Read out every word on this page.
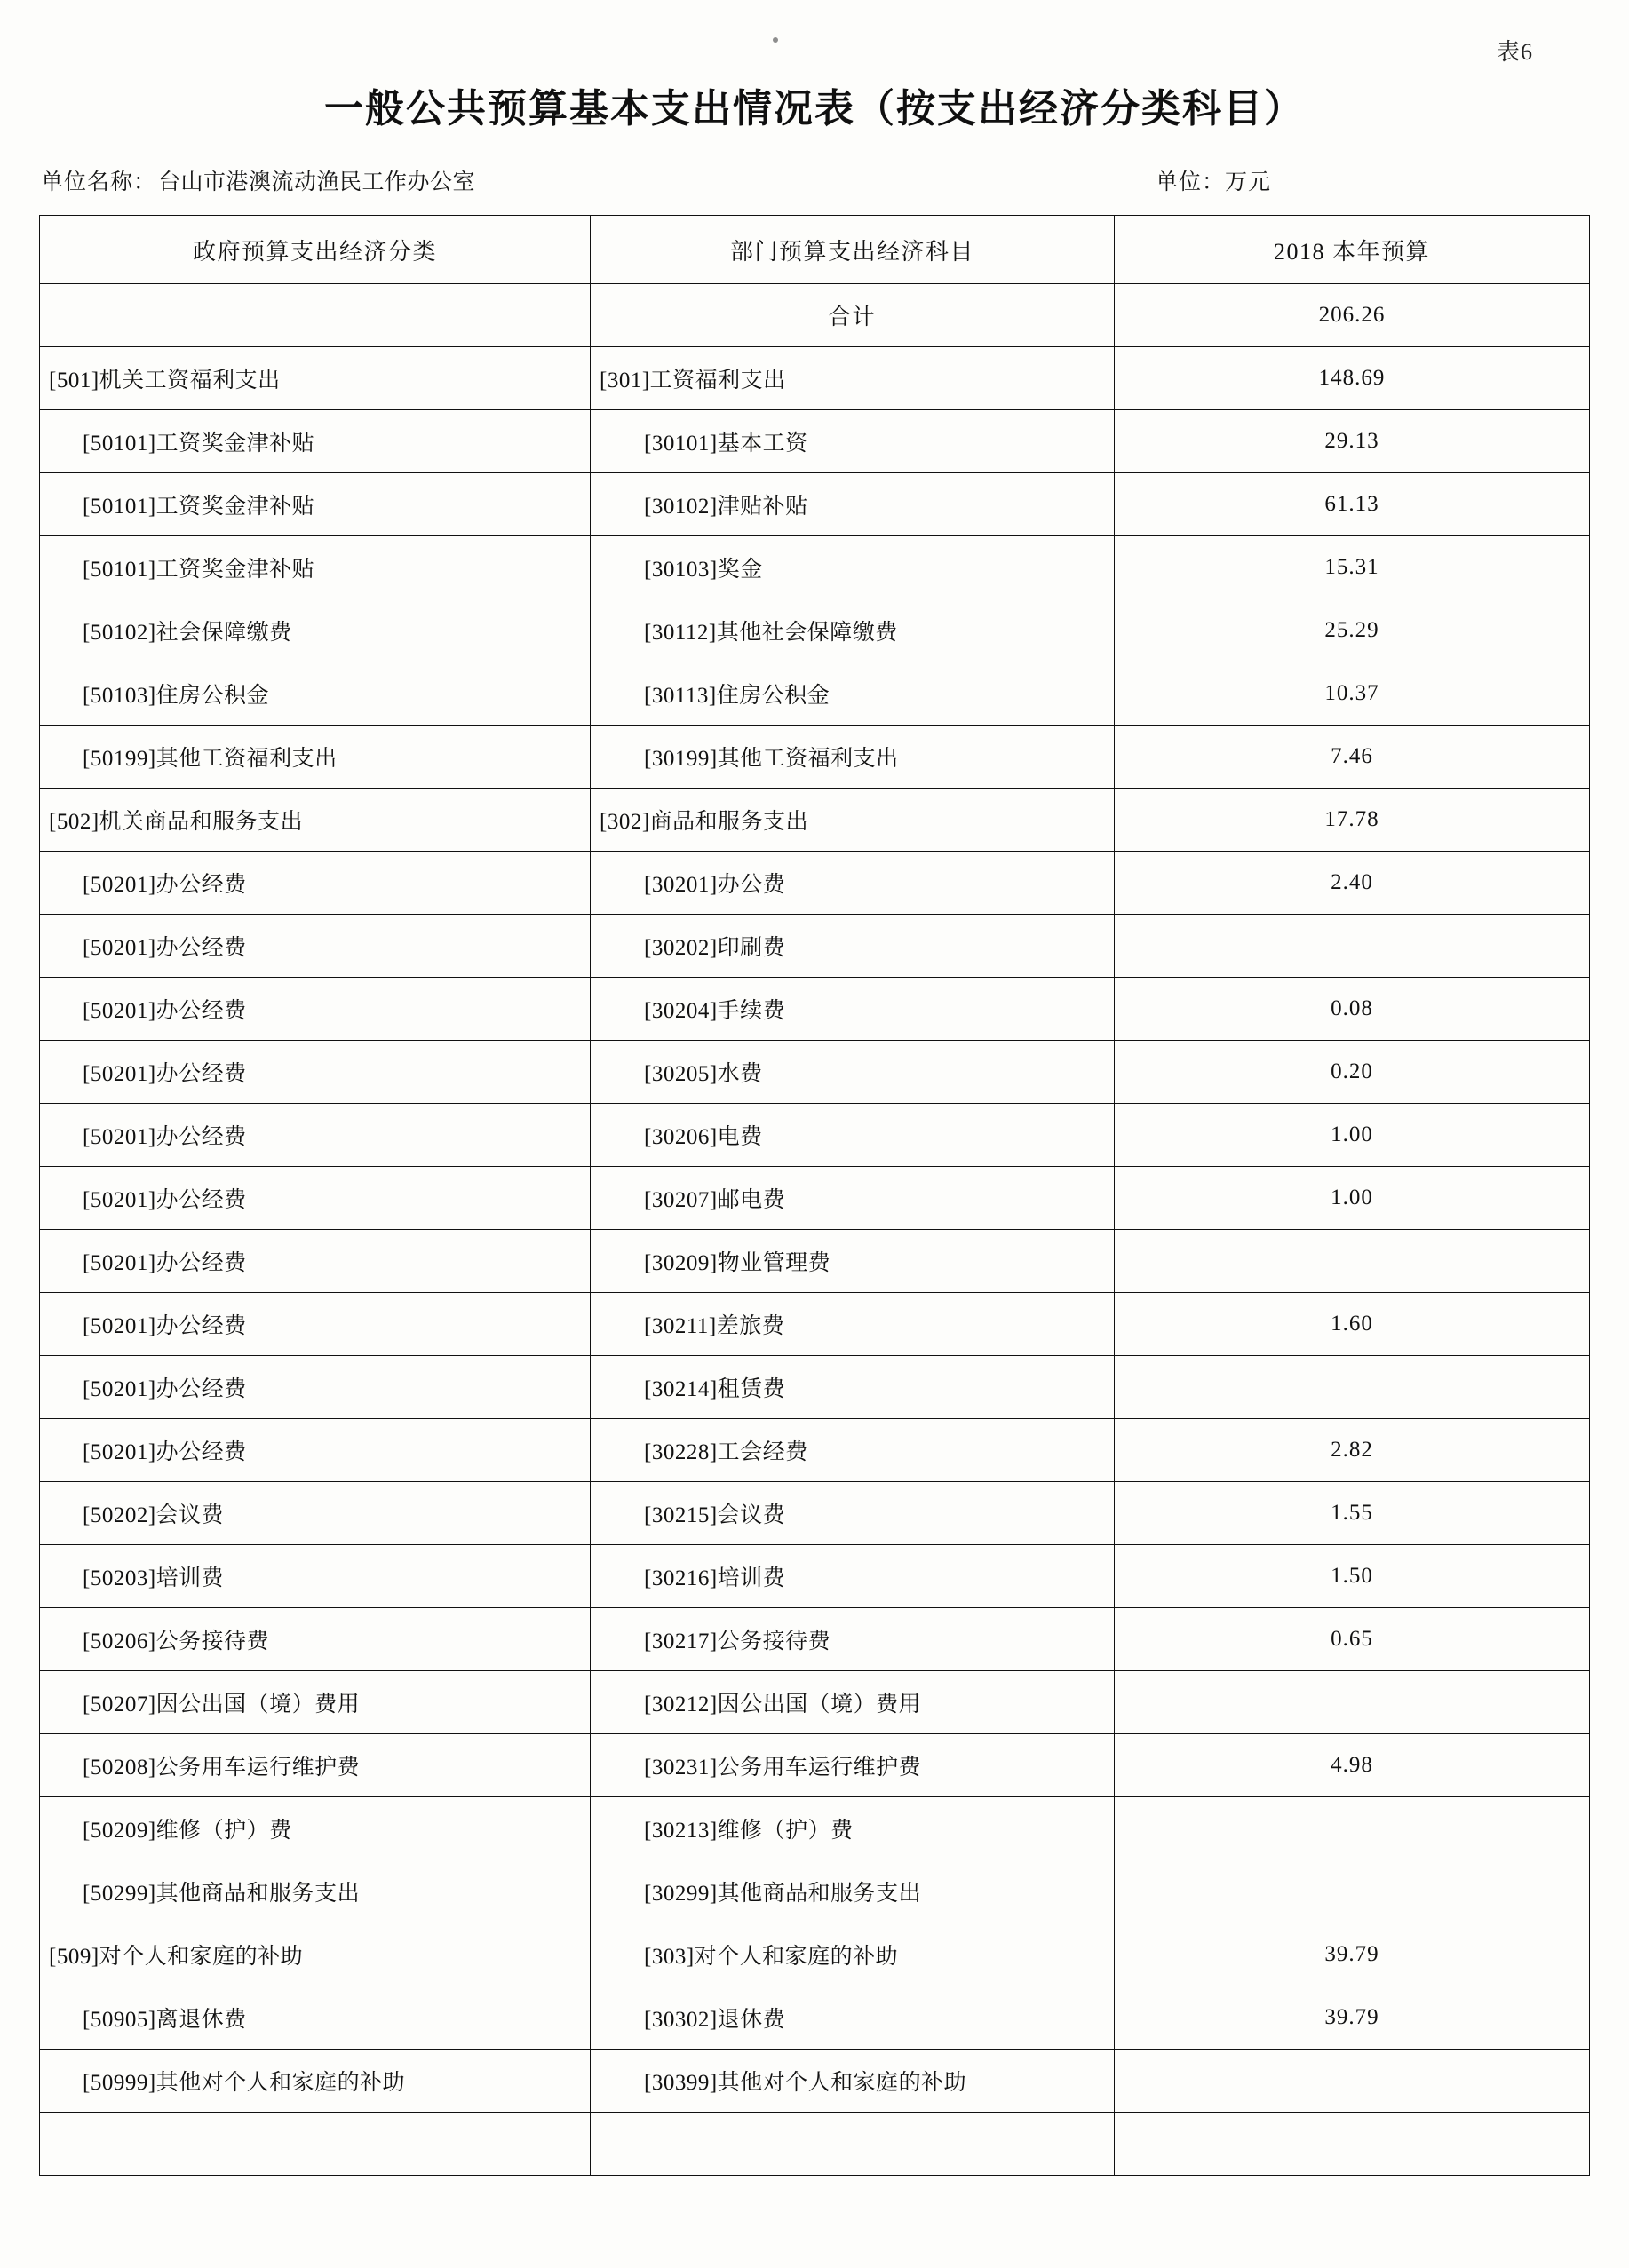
表6
一般公共预算基本支出情况表（按支出经济分类科目）
单位名称：台山市港澳流动渔民工作办公室	单位：万元
政府预算支出经济分类	部门预算支出经济科目	2018 本年预算
	合计	206.26
[501]机关工资福利支出	[301]工资福利支出	148.69
[50101]工资奖金津补贴	[30101]基本工资	29.13
[50101]工资奖金津补贴	[30102]津贴补贴	61.13
[50101]工资奖金津补贴	[30103]奖金	15.31
[50102]社会保障缴费	[30112]其他社会保障缴费	25.29
[50103]住房公积金	[30113]住房公积金	10.37
[50199]其他工资福利支出	[30199]其他工资福利支出	7.46
[502]机关商品和服务支出	[302]商品和服务支出	17.78
[50201]办公经费	[30201]办公费	2.40
[50201]办公经费	[30202]印刷费	
[50201]办公经费	[30204]手续费	0.08
[50201]办公经费	[30205]水费	0.20
[50201]办公经费	[30206]电费	1.00
[50201]办公经费	[30207]邮电费	1.00
[50201]办公经费	[30209]物业管理费	
[50201]办公经费	[30211]差旅费	1.60
[50201]办公经费	[30214]租赁费	
[50201]办公经费	[30228]工会经费	2.82
[50202]会议费	[30215]会议费	1.55
[50203]培训费	[30216]培训费	1.50
[50206]公务接待费	[30217]公务接待费	0.65
[50207]因公出国（境）费用	[30212]因公出国（境）费用	
[50208]公务用车运行维护费	[30231]公务用车运行维护费	4.98
[50209]维修（护）费	[30213]维修（护）费	
[50299]其他商品和服务支出	[30299]其他商品和服务支出	
[509]对个人和家庭的补助	[303]对个人和家庭的补助	39.79
[50905]离退休费	[30302]退休费	39.79
[50999]其他对个人和家庭的补助	[30399]其他对个人和家庭的补助	
